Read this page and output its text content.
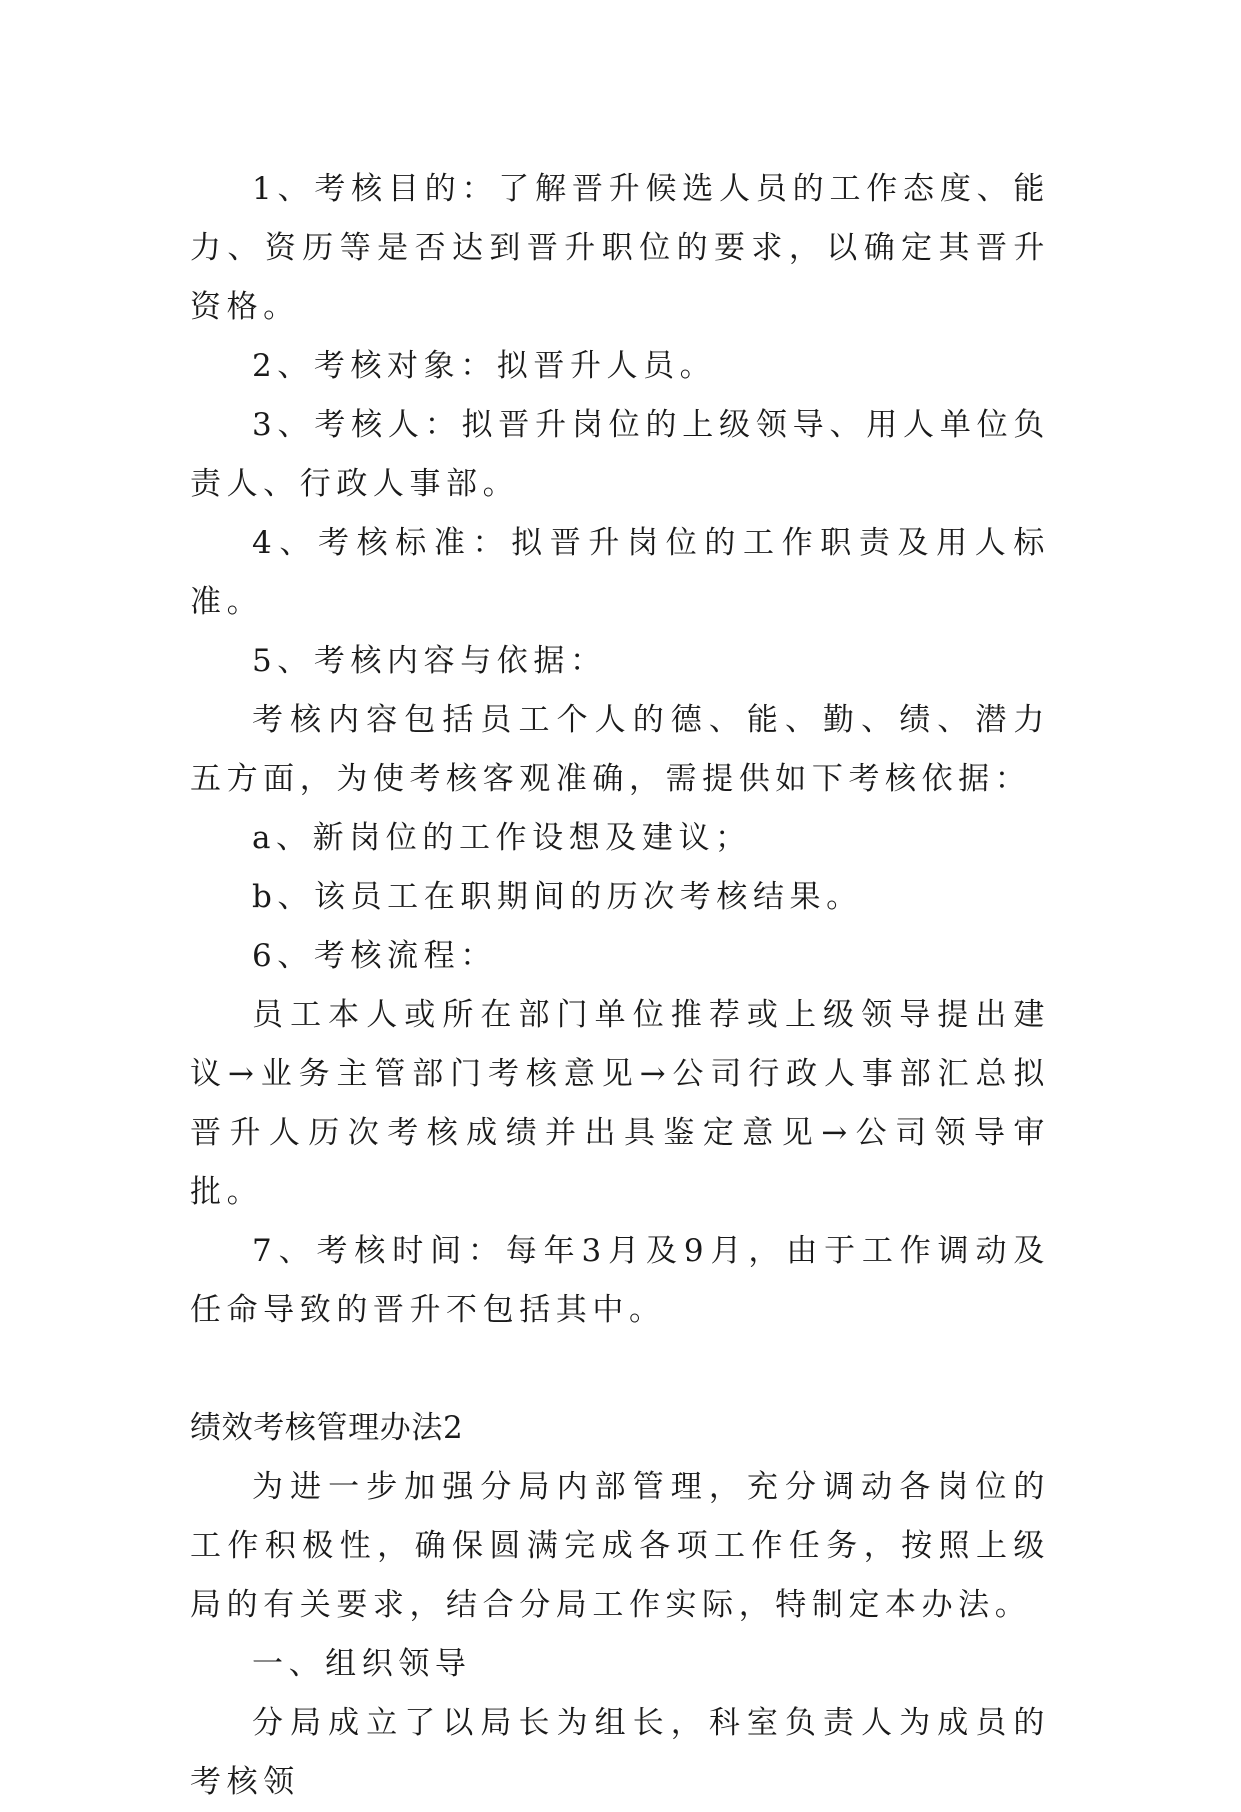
1、考核目的：了解晋升候选人员的工作态度、能力、资历等是否达到晋升职位的要求，以确定其晋升资格。

2、考核对象：拟晋升人员。

3、考核人：拟晋升岗位的上级领导、用人单位负责人、行政人事部。

4、考核标准：拟晋升岗位的工作职责及用人标准。

5、考核内容与依据：

考核内容包括员工个人的德、能、勤、绩、潜力五方面，为使考核客观准确，需提供如下考核依据：

a、新岗位的工作设想及建议；

b、该员工在职期间的历次考核结果。

6、考核流程：

员工本人或所在部门单位推荐或上级领导提出建议→业务主管部门考核意见→公司行政人事部汇总拟晋升人历次考核成绩并出具鉴定意见→公司领导审批。

7、考核时间：每年3月及9月，由于工作调动及任命导致的晋升不包括其中。

绩效考核管理办法2

为进一步加强分局内部管理，充分调动各岗位的工作积极性，确保圆满完成各项工作任务，按照上级局的有关要求，结合分局工作实际，特制定本办法。

一、组织领导

分局成立了以局长为组长，科室负责人为成员的考核领
